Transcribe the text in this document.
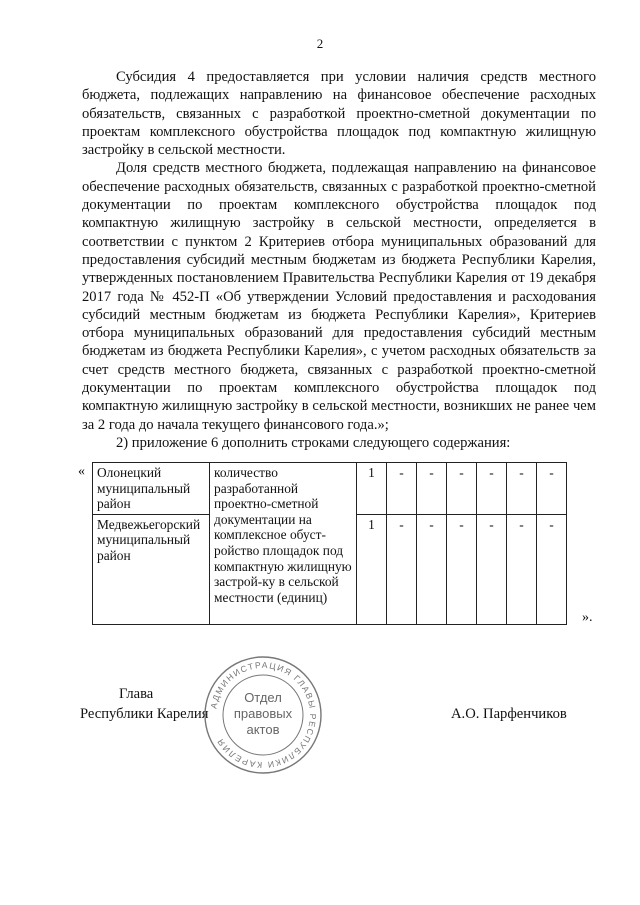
2

Субсидия 4 предоставляется при условии наличия средств местного бюджета, подлежащих направлению на финансовое обеспечение расходных обязательств, связанных с разработкой проектно-сметной документации по проектам комплексного обустройства площадок под компактную жилищную застройку в сельской местности.

Доля средств местного бюджета, подлежащая направлению на финансовое обеспечение расходных обязательств, связанных с разработкой проектно-сметной документации по проектам комплексного обустройства площадок под компактную жилищную застройку в сельской местности, определяется в соответствии с пунктом 2 Критериев отбора муниципальных образований для предоставления субсидий местным бюджетам из бюджета Республики Карелия, утвержденных постановлением Правительства Республики Карелия от 19 декабря 2017 года № 452-П «Об утверждении Условий предоставления и расходования субсидий местным бюджетам из бюджета Республики Карелия», Критериев отбора муниципальных образований для предоставления субсидий местным бюджетам из бюджета Республики Карелия», с учетом расходных обязательств за счет средств местного бюджета, связанных с разработкой проектно-сметной документации по проектам комплексного обустройства площадок под компактную жилищную застройку в сельской местности, возникших не ранее чем за 2 года до начала текущего финансового года.»;

2) приложение 6 дополнить строками следующего содержания:

« Олонецкий муниципальный район	количество разработанной проектно-сметной документации на комплексное обуст-ройство площадок под компактную жилищную застрой-ку в сельской местности (единиц)	1	-	-	-	-	-	-
Медвежьегорский муниципальный район		1	-	-	-	-	-	-
».
Глава
Республики Карелия	А.О. Парфенчиков
АДМИНИСТРАЦИЯ ГЛАВЫ РЕСПУБЛИКИ КАРЕЛИЯ
Отдел
правовых
актов
